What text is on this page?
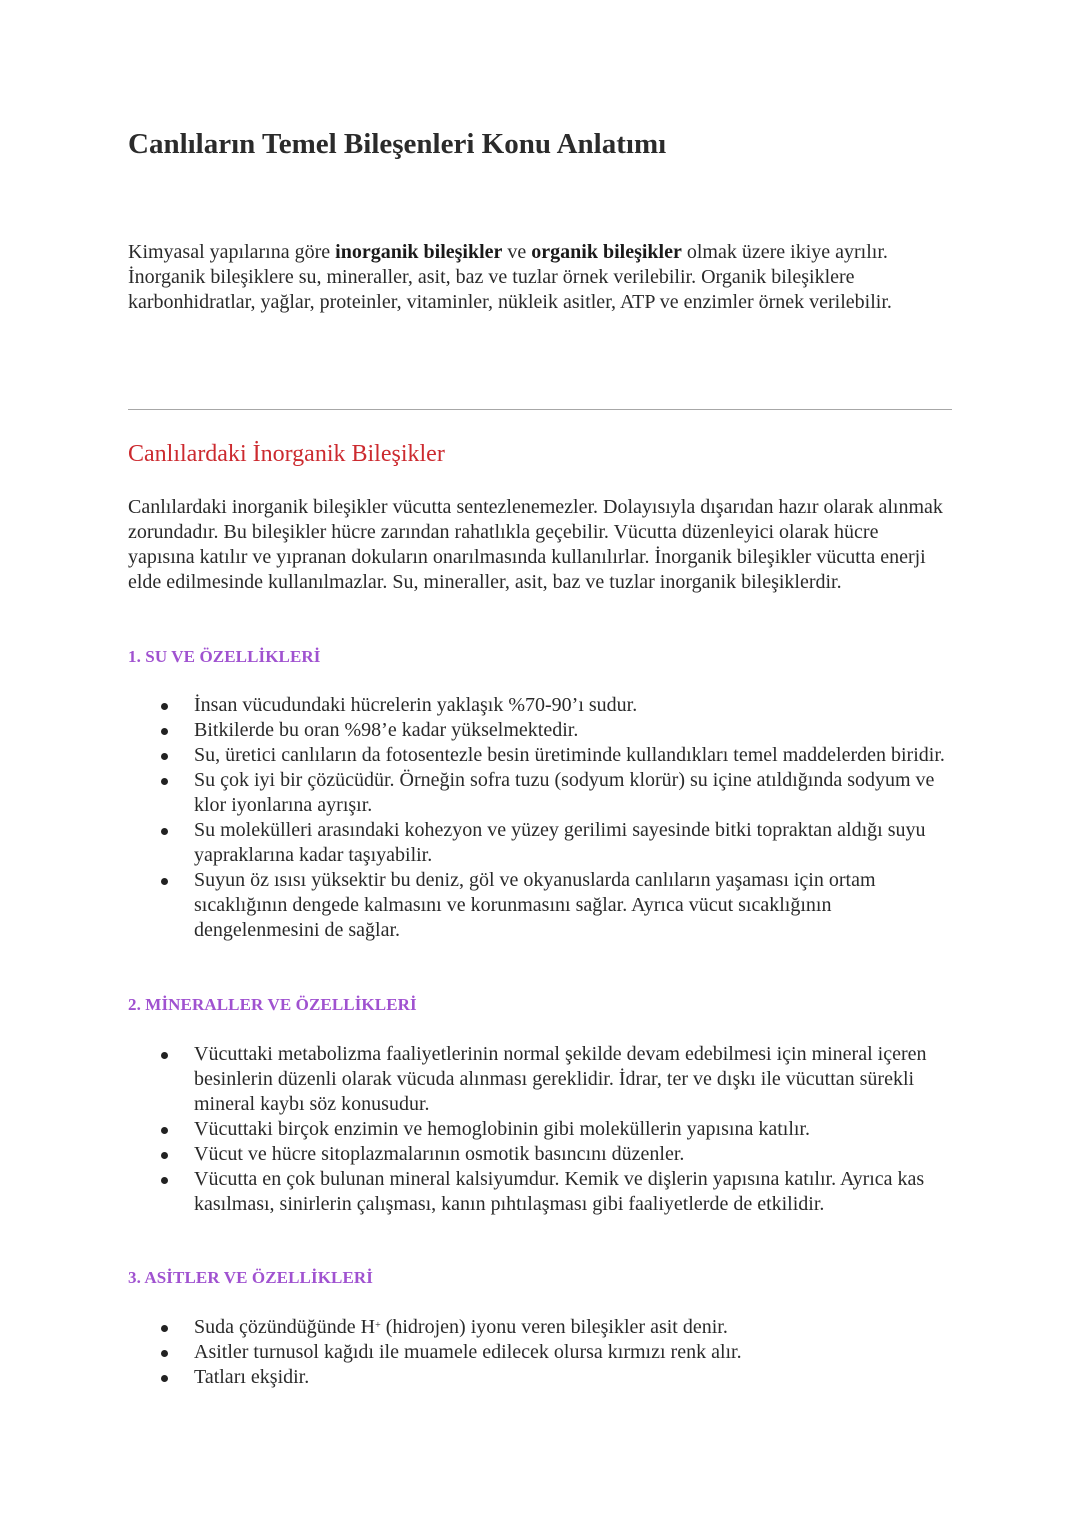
Canlıların Temel Bileşenleri Konu Anlatımı

Kimyasal yapılarına göre inorganik bileşikler ve organik bileşikler olmak üzere ikiye ayrılır. İnorganik bileşiklere su, mineraller, asit, baz ve tuzlar örnek verilebilir. Organik bileşiklere karbonhidratlar, yağlar, proteinler, vitaminler, nükleik asitler, ATP ve enzimler örnek verilebilir.

Canlılardaki İnorganik Bileşikler

Canlılardaki inorganik bileşikler vücutta sentezlenemezler. Dolayısıyla dışarıdan hazır olarak alınmak zorundadır. Bu bileşikler hücre zarından rahatlıkla geçebilir. Vücutta düzenleyici olarak hücre yapısına katılır ve yıpranan dokuların onarılmasında kullanılırlar. İnorganik bileşikler vücutta enerji elde edilmesinde kullanılmazlar. Su, mineraller, asit, baz ve tuzlar inorganik bileşiklerdir.

1. SU VE ÖZELLİKLERİ
İnsan vücudundaki hücrelerin yaklaşık %70-90’ı sudur.
Bitkilerde bu oran %98’e kadar yükselmektedir.
Su, üretici canlıların da fotosentezle besin üretiminde kullandıkları temel maddelerden biridir.
Su çok iyi bir çözücüdür. Örneğin sofra tuzu (sodyum klorür) su içine atıldığında sodyum ve klor iyonlarına ayrışır.
Su molekülleri arasındaki kohezyon ve yüzey gerilimi sayesinde bitki topraktan aldığı suyu yapraklarına kadar taşıyabilir.
Suyun öz ısısı yüksektir bu deniz, göl ve okyanuslarda canlıların yaşaması için ortam sıcaklığının dengede kalmasını ve korunmasını sağlar. Ayrıca vücut sıcaklığının dengelenmesini de sağlar.
2. MİNERALLER VE ÖZELLİKLERİ
Vücuttaki metabolizma faaliyetlerinin normal şekilde devam edebilmesi için mineral içeren besinlerin düzenli olarak vücuda alınması gereklidir. İdrar, ter ve dışkı ile vücuttan sürekli mineral kaybı söz konusudur.
Vücuttaki birçok enzimin ve hemoglobinin gibi moleküllerin yapısına katılır.
Vücut ve hücre sitoplazmalarının osmotik basıncını düzenler.
Vücutta en çok bulunan mineral kalsiyumdur. Kemik ve dişlerin yapısına katılır. Ayrıca kas kasılması, sinirlerin çalışması, kanın pıhtılaşması gibi faaliyetlerde de etkilidir.
3. ASİTLER VE ÖZELLİKLERİ
Suda çözündüğünde H+ (hidrojen) iyonu veren bileşikler asit denir.
Asitler turnusol kağıdı ile muamele edilecek olursa kırmızı renk alır.
Tatları ekşidir.
